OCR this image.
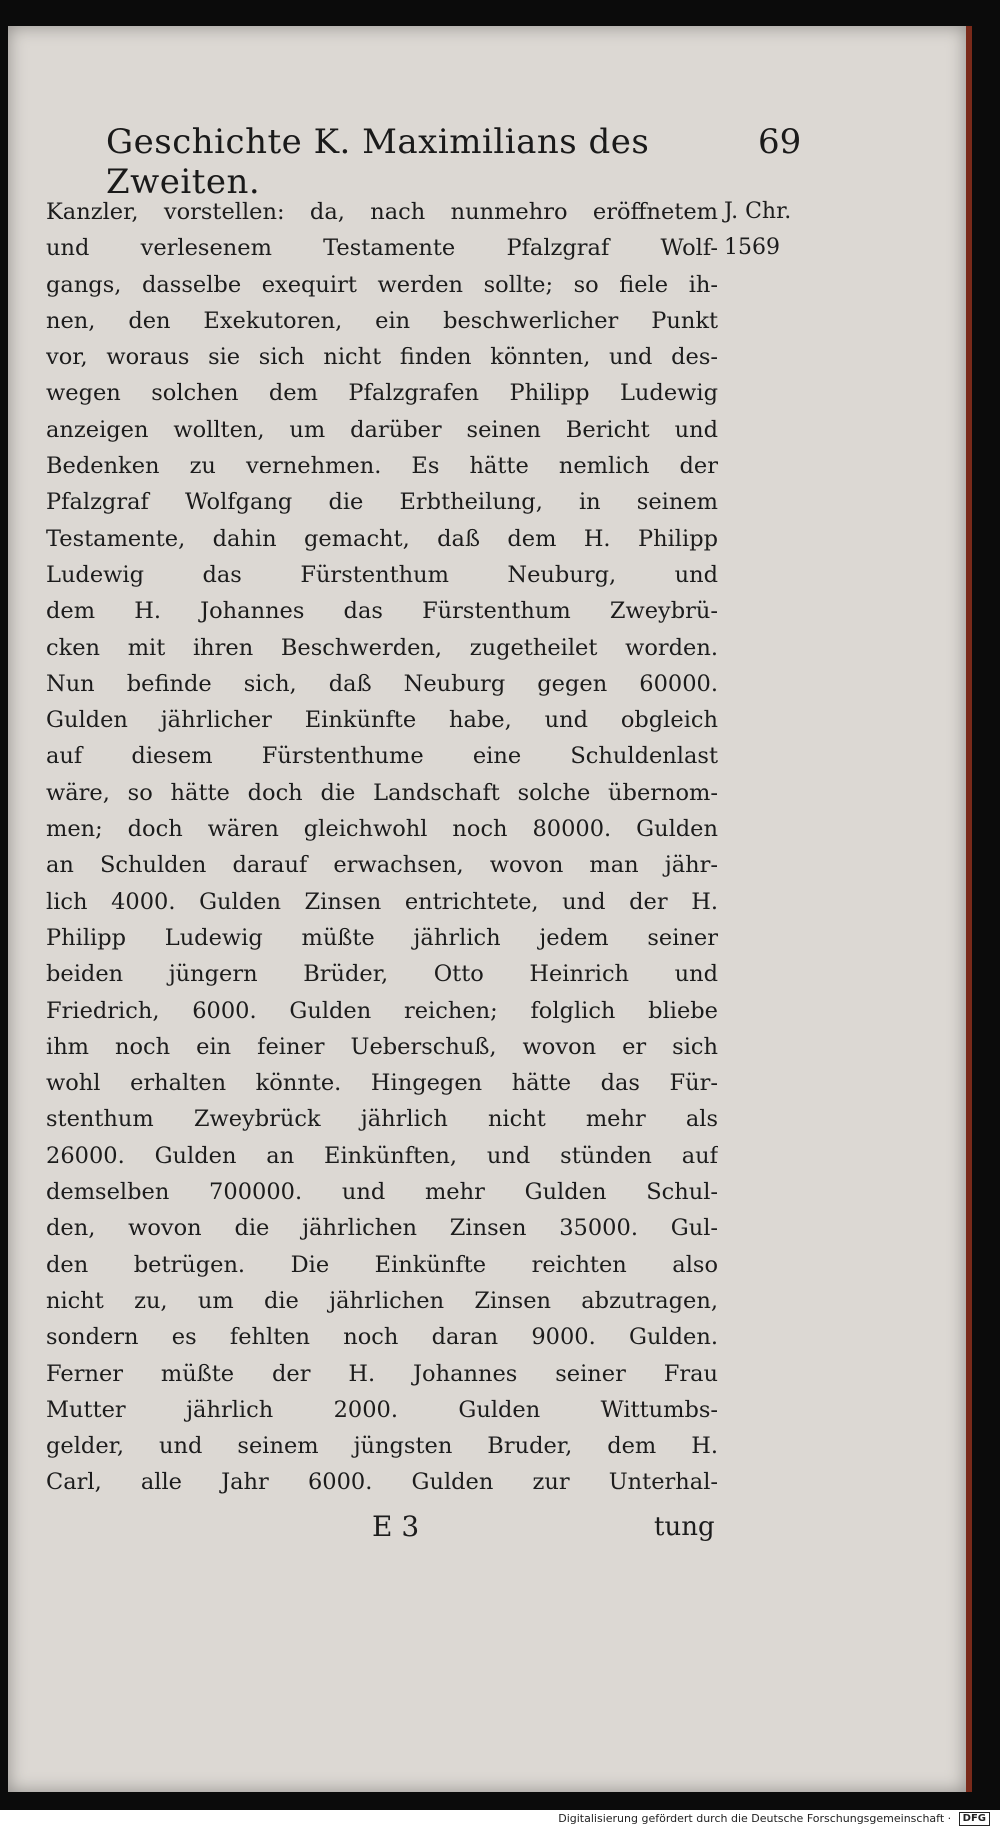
Geschichte K. Maximilians des Zweiten.
69
Kanzler, vorstellen: da, nach nunmehro eröffnetem
und verlesenem Testamente Pfalzgraf Wolf-
gangs, dasselbe exequirt werden sollte; so fiele ih-
nen, den Exekutoren, ein beschwerlicher Punkt
vor, woraus sie sich nicht finden könnten, und des-
wegen solchen dem Pfalzgrafen Philipp Ludewig
anzeigen wollten, um darüber seinen Bericht und
Bedenken zu vernehmen. Es hätte nemlich der
Pfalzgraf Wolfgang die Erbtheilung, in seinem
Testamente, dahin gemacht, daß dem H. Philipp
Ludewig das Fürstenthum Neuburg, und
dem H. Johannes das Fürstenthum Zweybrü-
cken mit ihren Beschwerden, zugetheilet worden.
Nun befinde sich, daß Neuburg gegen 60000.
Gulden jährlicher Einkünfte habe, und obgleich
auf diesem Fürstenthume eine Schuldenlast
wäre, so hätte doch die Landschaft solche übernom-
men; doch wären gleichwohl noch 80000. Gulden
an Schulden darauf erwachsen, wovon man jähr-
lich 4000. Gulden Zinsen entrichtete, und der H.
Philipp Ludewig müßte jährlich jedem seiner
beiden jüngern Brüder, Otto Heinrich und
Friedrich, 6000. Gulden reichen; folglich bliebe
ihm noch ein feiner Ueberschuß, wovon er sich
wohl erhalten könnte. Hingegen hätte das Für-
stenthum Zweybrück jährlich nicht mehr als
26000. Gulden an Einkünften, und stünden auf
demselben 700000. und mehr Gulden Schul-
den, wovon die jährlichen Zinsen 35000. Gul-
den betrügen. Die Einkünfte reichten also
nicht zu, um die jährlichen Zinsen abzutragen,
sondern es fehlten noch daran 9000. Gulden.
Ferner müßte der H. Johannes seiner Frau
Mutter jährlich 2000. Gulden Wittumbs-
gelder, und seinem jüngsten Bruder, dem H.
Carl, alle Jahr 6000. Gulden zur Unterhal-
J. Chr.
1569
E 3	tung
Digitalisierung gefördert durch die Deutsche Forschungsgemeinschaft · DFG
